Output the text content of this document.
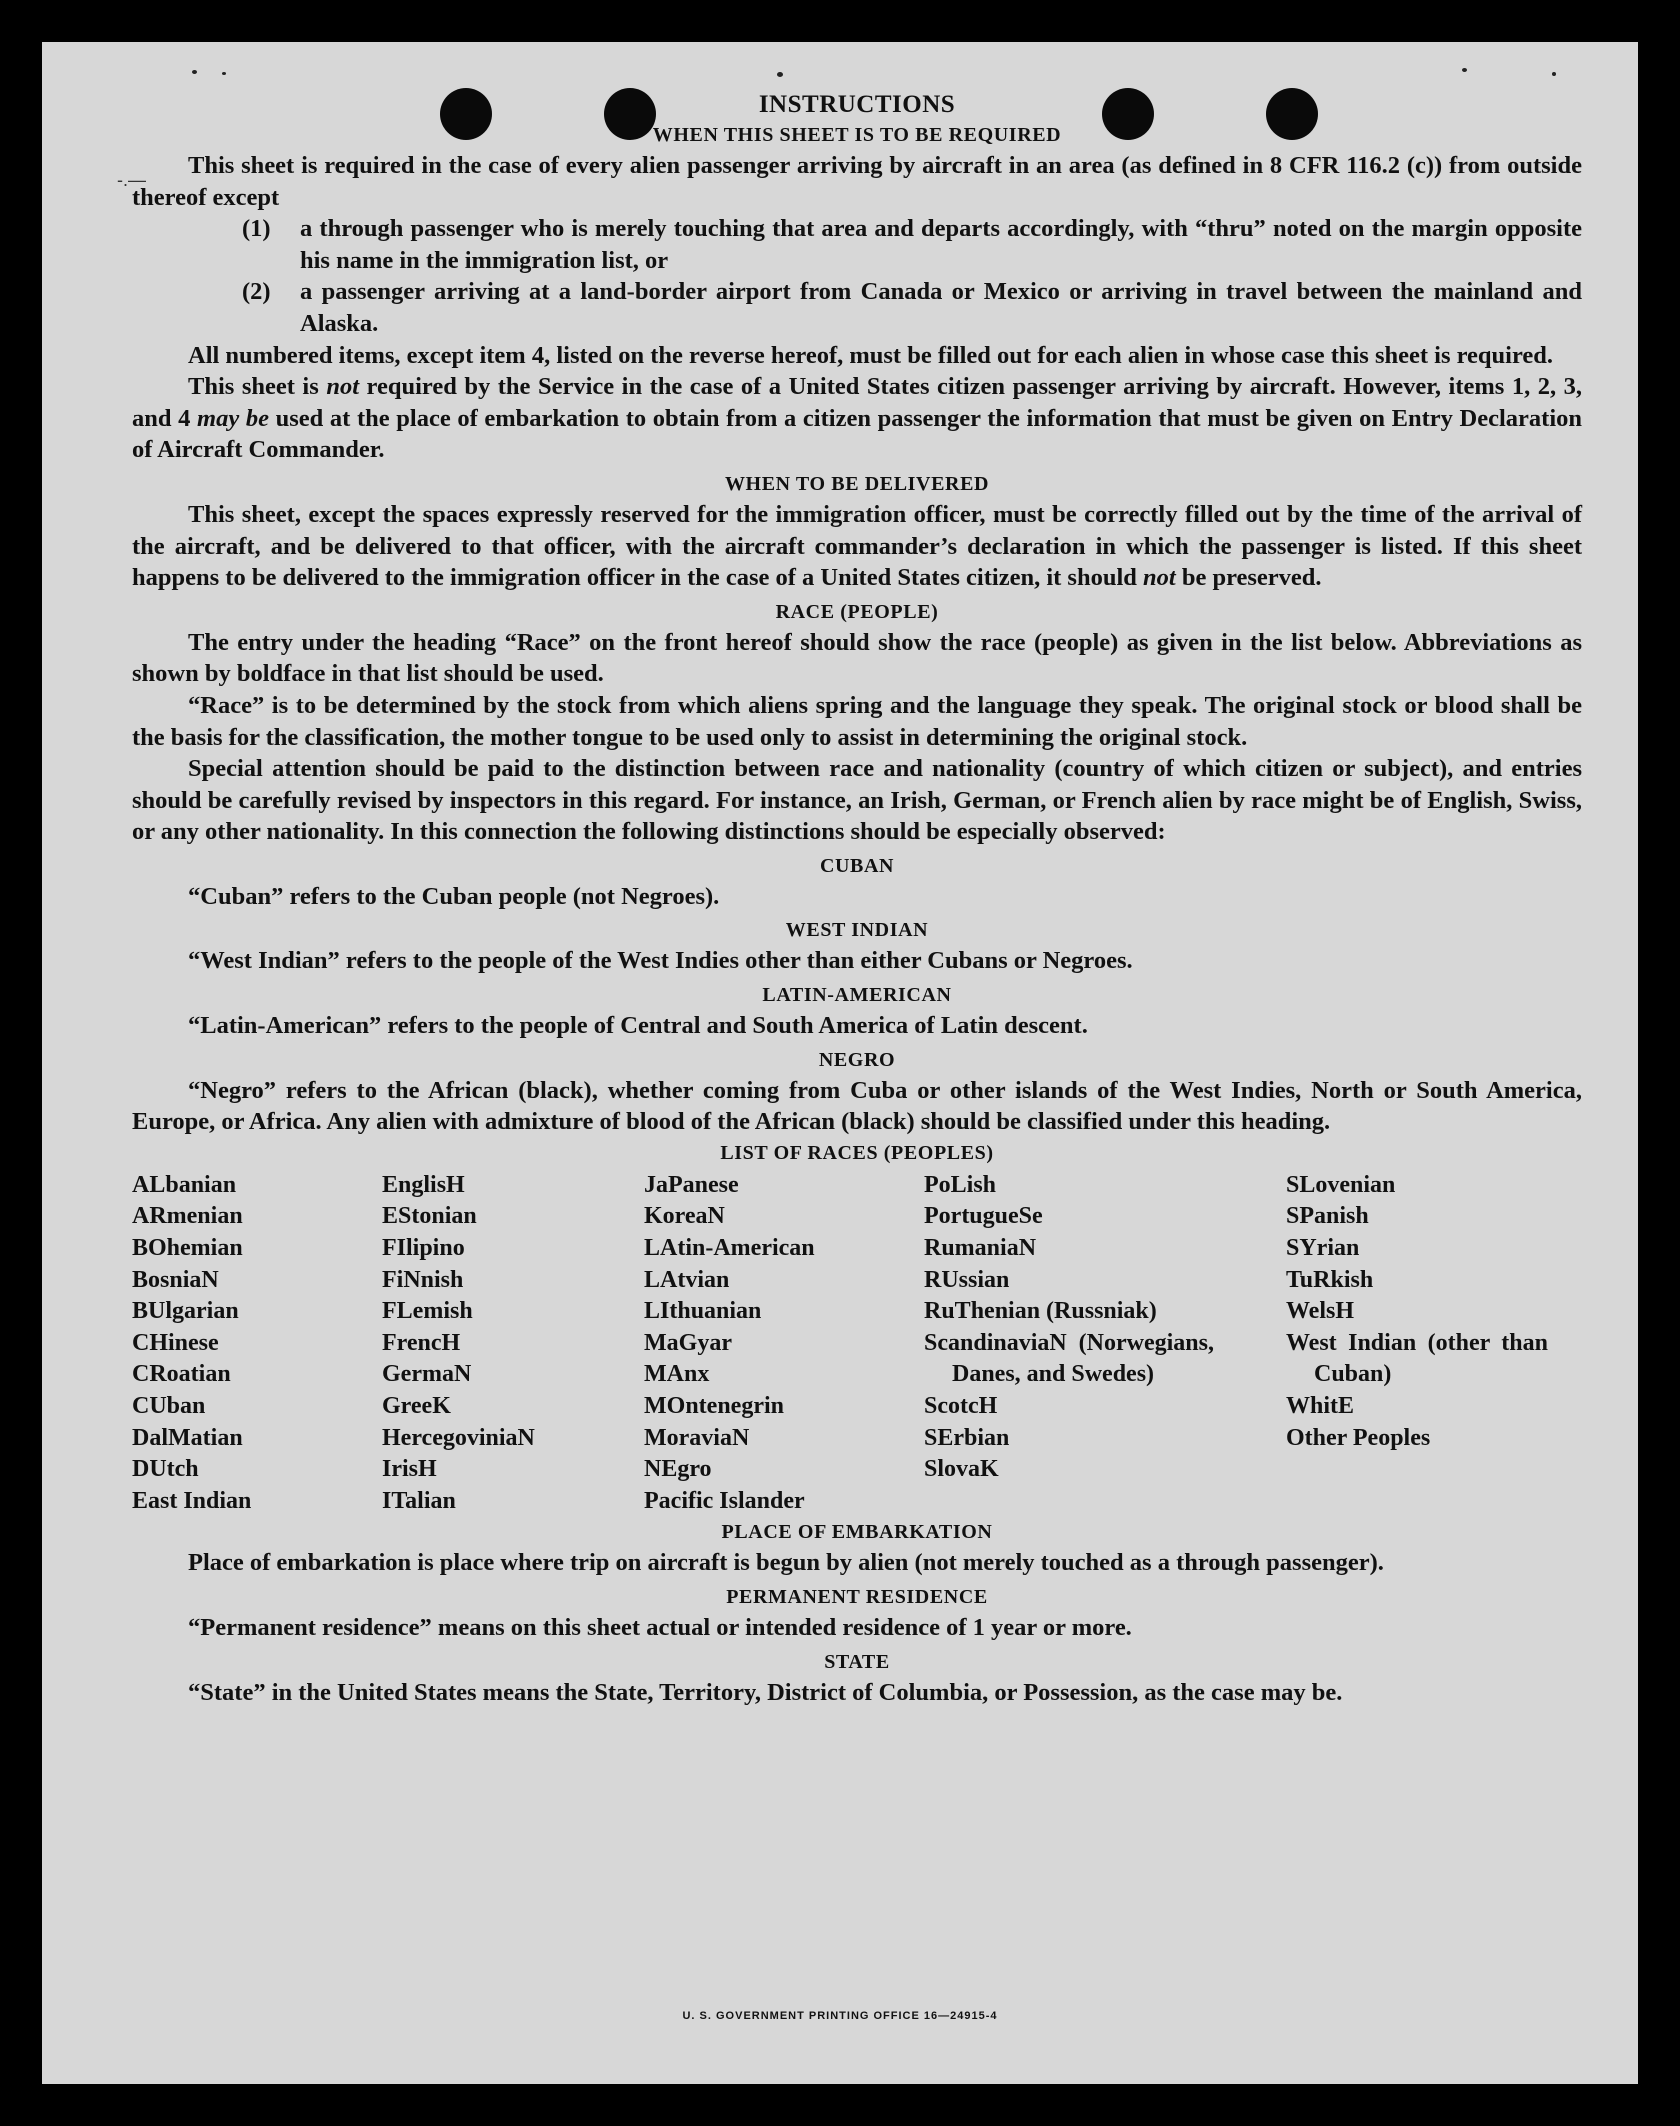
-.—
INSTRUCTIONS
WHEN THIS SHEET IS TO BE REQUIRED

This sheet is required in the case of every alien passenger arriving by aircraft in an area (as defined in 8 CFR 116.2 (c)) from outside thereof except

(1) a through passenger who is merely touching that area and departs accordingly, with “thru” noted on the margin opposite his name in the immigration list, or
(2) a passenger arriving at a land-border airport from Canada or Mexico or arriving in travel between the mainland and Alaska.

All numbered items, except item 4, listed on the reverse hereof, must be filled out for each alien in whose case this sheet is required.

This sheet is not required by the Service in the case of a United States citizen passenger arriving by aircraft. However, items 1, 2, 3, and 4 may be used at the place of embarkation to obtain from a citizen passenger the information that must be given on Entry Declaration of Aircraft Commander.

WHEN TO BE DELIVERED

This sheet, except the spaces expressly reserved for the immigration officer, must be correctly filled out by the time of the arrival of the aircraft, and be delivered to that officer, with the aircraft commander’s declaration in which the passenger is listed. If this sheet happens to be delivered to the immigration officer in the case of a United States citizen, it should not be preserved.

RACE (PEOPLE)

The entry under the heading “Race” on the front hereof should show the race (people) as given in the list below. Abbreviations as shown by boldface in that list should be used.

“Race” is to be determined by the stock from which aliens spring and the language they speak. The original stock or blood shall be the basis for the classification, the mother tongue to be used only to assist in determining the original stock.

Special attention should be paid to the distinction between race and nationality (country of which citizen or subject), and entries should be carefully revised by inspectors in this regard. For instance, an Irish, German, or French alien by race might be of English, Swiss, or any other nationality. In this connection the following distinctions should be especially observed:

CUBAN

“Cuban” refers to the Cuban people (not Negroes).

WEST INDIAN

“West Indian” refers to the people of the West Indies other than either Cubans or Negroes.

LATIN-AMERICAN

“Latin-American” refers to the people of Central and South America of Latin descent.

NEGRO

“Negro” refers to the African (black), whether coming from Cuba or other islands of the West Indies, North or South America, Europe, or Africa. Any alien with admixture of blood of the African (black) should be classified under this heading.

LIST OF RACES (PEOPLES)
ALbanian
ARmenian
BOhemian
BosniaN
BUlgarian
CHinese
CRoatian
CUban
DalMatian
DUtch
East Indian
EnglisH
EStonian
FIlipino
FiNnish
FLemish
FrencH
GermaN
GreeK
HercegoviniaN
IrisH
ITalian
JaPanese
KoreaN
LAtin-American
LAtvian
LIthuanian
MaGyar
MAnx
MOntenegrin
MoraviaN
NEgro
Pacific Islander
PoLish
PortugueSe
RumaniaN
RUssian
RuThenian (Russniak)
ScandinaviaN (Norwegians, Danes, and Swedes)
ScotcH
SErbian
SlovaK
SLovenian
SPanish
SYrian
TuRkish
WelsH
West Indian (other than Cuban)
WhitE
Other Peoples
PLACE OF EMBARKATION

Place of embarkation is place where trip on aircraft is begun by alien (not merely touched as a through passenger).

PERMANENT RESIDENCE

“Permanent residence” means on this sheet actual or intended residence of 1 year or more.

STATE

“State” in the United States means the State, Territory, District of Columbia, or Possession, as the case may be.

U. S. GOVERNMENT PRINTING OFFICE 16—24915-4
